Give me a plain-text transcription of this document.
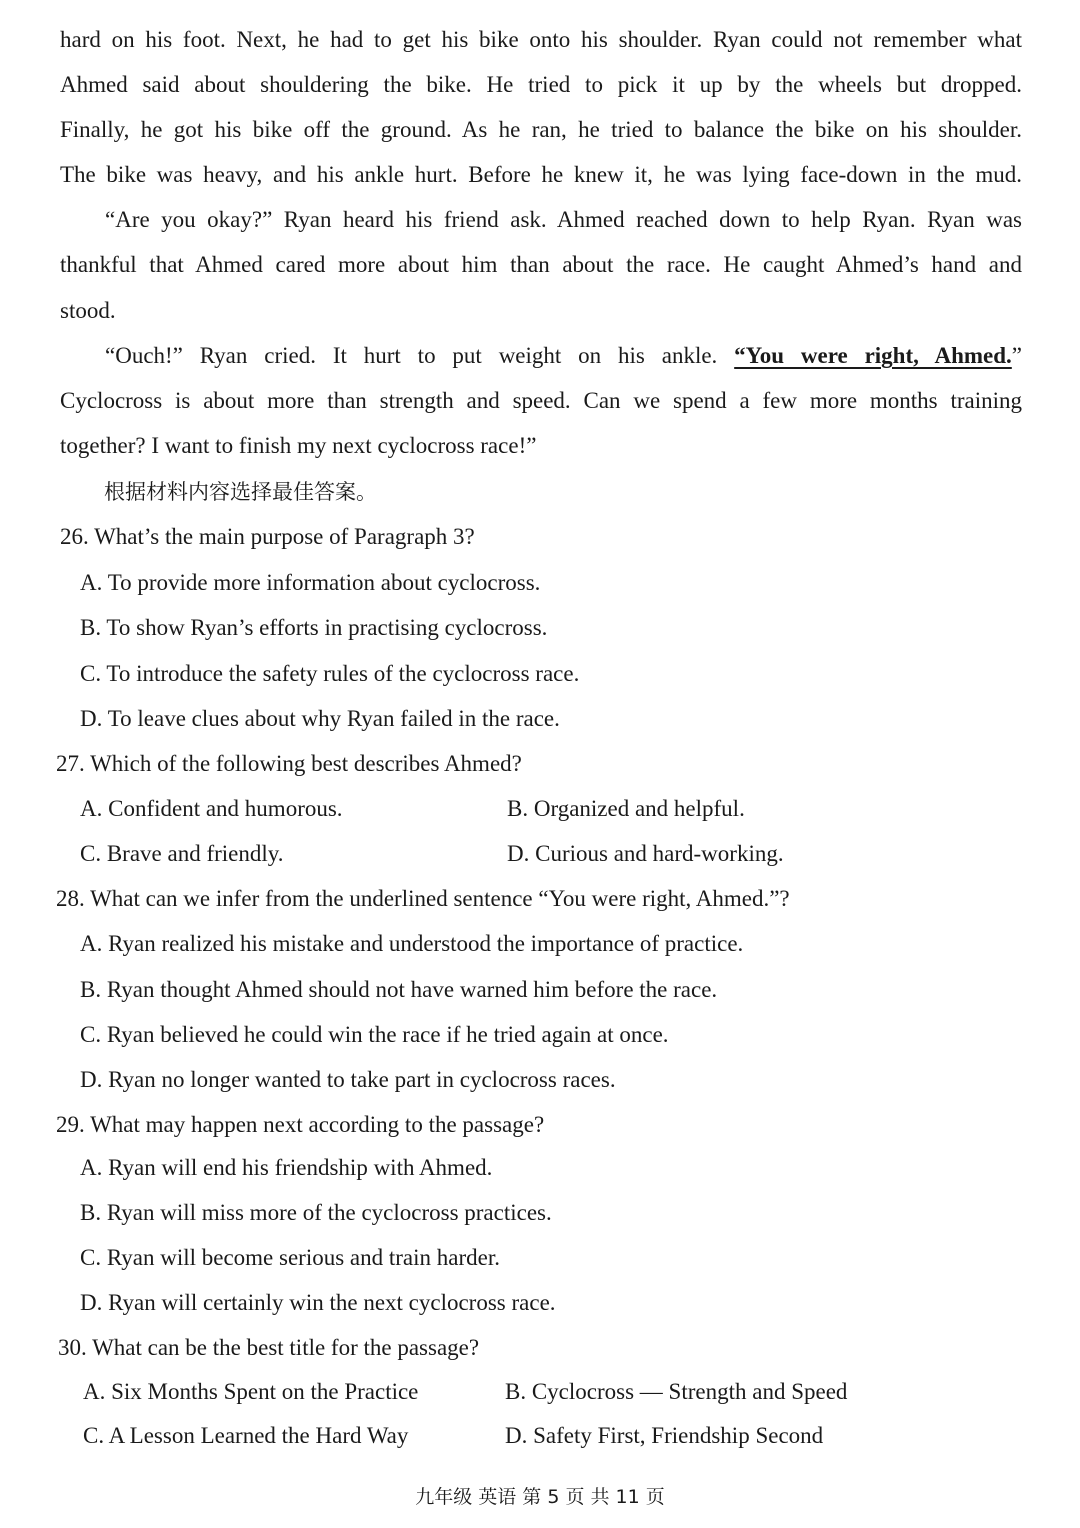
hard on his foot. Next, he had to get his bike onto his shoulder. Ryan could not remember what
Ahmed said about shouldering the bike. He tried to pick it up by the wheels but dropped.
Finally, he got his bike off the ground. As he ran, he tried to balance the bike on his shoulder.
The bike was heavy, and his ankle hurt. Before he knew it, he was lying face-down in the mud.
“Are you okay?” Ryan heard his friend ask. Ahmed reached down to help Ryan. Ryan was
thankful that Ahmed cared more about him than about the race. He caught Ahmed’s hand and
stood.
“Ouch!” Ryan cried. It hurt to put weight on his ankle. “You were right, Ahmed.”
Cyclocross is about more than strength and speed. Can we spend a few more months training
together? I want to finish my next cyclocross race!”
根据材料内容选择最佳答案。
26. What’s the main purpose of Paragraph 3?
A. To provide more information about cyclocross.
B. To show Ryan’s efforts in practising cyclocross.
C. To introduce the safety rules of the cyclocross race.
D. To leave clues about why Ryan failed in the race.
27. Which of the following best describes Ahmed?
A. Confident and humorous.	B. Organized and helpful.
C. Brave and friendly.	D. Curious and hard-working.
28. What can we infer from the underlined sentence “You were right, Ahmed.”?
A. Ryan realized his mistake and understood the importance of practice.
B. Ryan thought Ahmed should not have warned him before the race.
C. Ryan believed he could win the race if he tried again at once.
D. Ryan no longer wanted to take part in cyclocross races.
29. What may happen next according to the passage?
A. Ryan will end his friendship with Ahmed.
B. Ryan will miss more of the cyclocross practices.
C. Ryan will become serious and train harder.
D. Ryan will certainly win the next cyclocross race.
30. What can be the best title for the passage?
A. Six Months Spent on the Practice	B. Cyclocross — Strength and Speed
C. A Lesson Learned the Hard Way	D. Safety First, Friendship Second
九年级 英语 第 5 页 共 11 页
